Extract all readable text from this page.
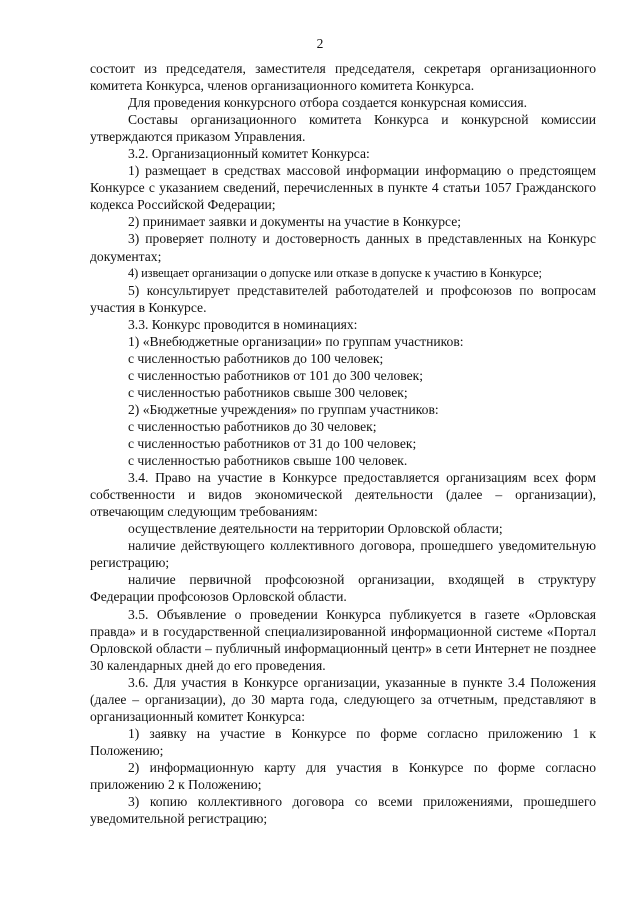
2

состоит из председателя, заместителя председателя, секретаря организационного комитета Конкурса, членов организационного комитета Конкурса.

Для проведения конкурсного отбора создается конкурсная комиссия.

Составы организационного комитета Конкурса и конкурсной комиссии утверждаются приказом Управления.

3.2. Организационный комитет Конкурса:

1) размещает в средствах массовой информации информацию о предстоящем Конкурсе с указанием сведений, перечисленных в пункте 4 статьи 1057 Гражданского кодекса Российской Федерации;

2) принимает заявки и документы на участие в Конкурсе;

3) проверяет полноту и достоверность данных в представленных на Конкурс документах;

4) извещает организации о допуске или отказе в допуске к участию в Конкурсе;

5) консультирует представителей работодателей и профсоюзов по вопросам участия в Конкурсе.

3.3. Конкурс проводится в номинациях:

1) «Внебюджетные организации» по группам участников:

с численностью работников до 100 человек;

с численностью работников от 101 до 300 человек;

с численностью работников свыше 300 человек;

2) «Бюджетные учреждения» по группам участников:

с численностью работников до 30 человек;

с численностью работников от 31 до 100 человек;

с численностью работников свыше 100 человек.

3.4. Право на участие в Конкурсе предоставляется организациям всех форм собственности и видов экономической деятельности (далее – организации), отвечающим следующим требованиям:

осуществление деятельности на территории Орловской области;

наличие действующего коллективного договора, прошедшего уведомительную регистрацию;

наличие первичной профсоюзной организации, входящей в структуру Федерации профсоюзов Орловской области.

3.5. Объявление о проведении Конкурса публикуется в газете «Орловская правда» и в государственной специализированной информационной системе «Портал Орловской области – публичный информационный центр» в сети Интернет не позднее 30 календарных дней до его проведения.

3.6. Для участия в Конкурсе организации, указанные в пункте 3.4 Положения (далее – организации), до 30 марта года, следующего за отчетным, представляют в организационный комитет Конкурса:

1) заявку на участие в Конкурсе по форме согласно приложению 1 к Положению;

2) информационную карту для участия в Конкурсе по форме согласно приложению 2 к Положению;

3) копию коллективного договора со всеми приложениями, прошедшего уведомительной регистрацию;
